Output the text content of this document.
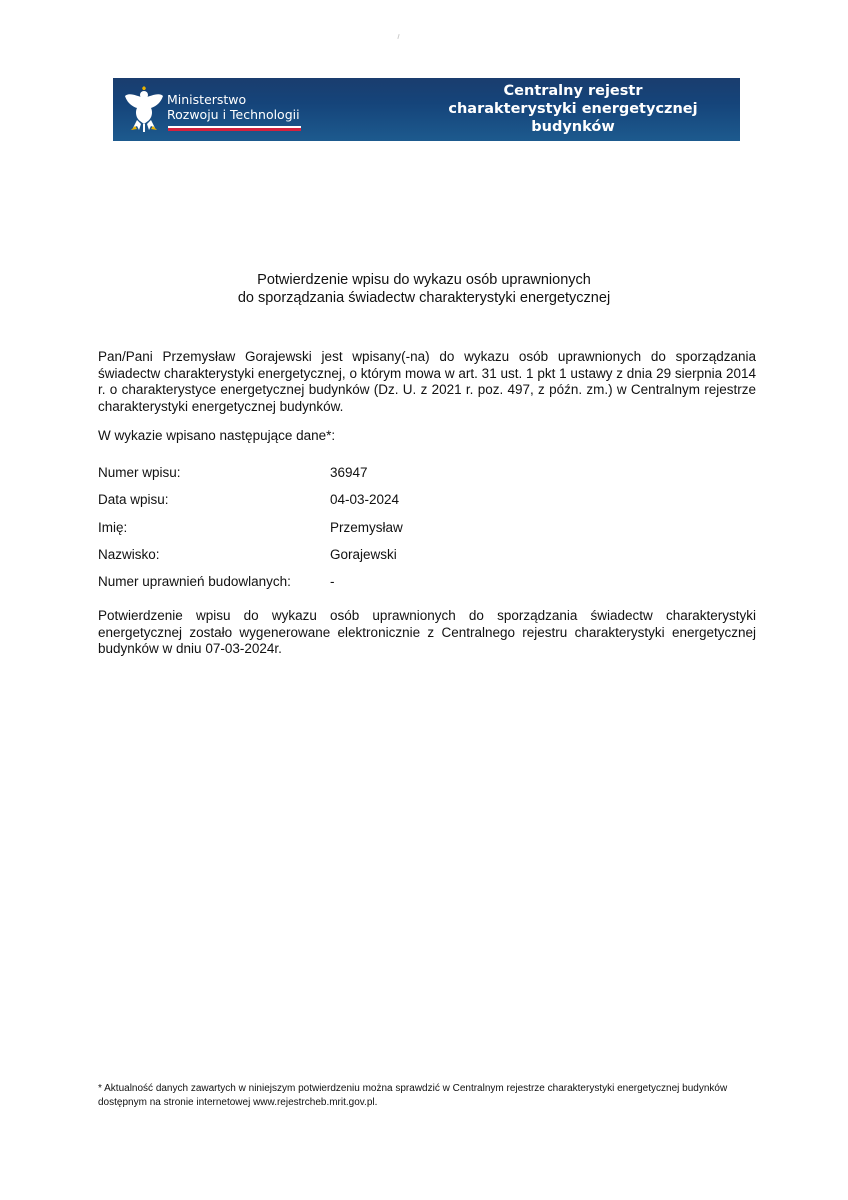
Ministerstwo
Rozwoju i Technologii
Centralny rejestr
charakterystyki energetycznej
budynków
Potwierdzenie wpisu do wykazu osób uprawnionych
do sporządzania świadectw charakterystyki energetycznej
Pan/Pani Przemysław Gorajewski jest wpisany(-na) do wykazu osób uprawnionych do sporządzania świadectw charakterystyki energetycznej, o którym mowa w art. 31 ust. 1 pkt 1 ustawy z dnia 29 sierpnia 2014 r. o charakterystyce energetycznej budynków (Dz. U. z 2021 r. poz. 497, z późn. zm.) w Centralnym rejestrze charakterystyki energetycznej budynków.
W wykazie wpisano następujące dane*:
Numer wpisu:	36947
Data wpisu:	04-03-2024
Imię:	Przemysław
Nazwisko:	Gorajewski
Numer uprawnień budowlanych:	-
Potwierdzenie wpisu do wykazu osób uprawnionych do sporządzania świadectw charakterystyki energetycznej zostało wygenerowane elektronicznie z Centralnego rejestru charakterystyki energetycznej budynków w dniu 07-03-2024r.
* Aktualność danych zawartych w niniejszym potwierdzeniu można sprawdzić w Centralnym rejestrze charakterystyki energetycznej budynków dostępnym na stronie internetowej www.rejestrcheb.mrit.gov.pl.
